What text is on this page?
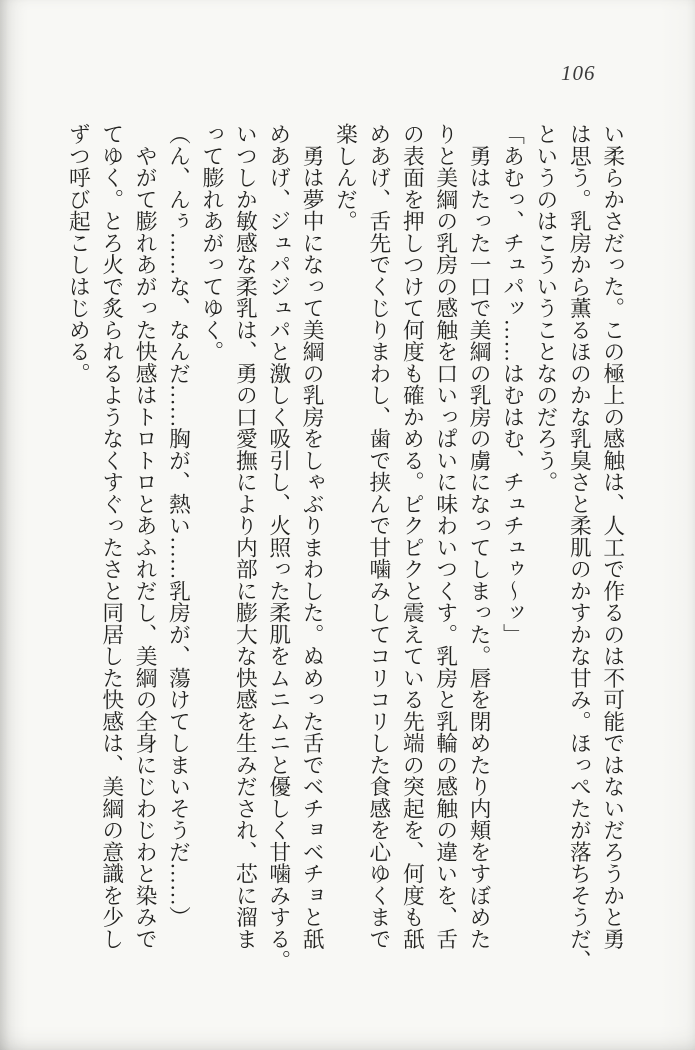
106
い柔らかさだった。この極上の感触は、人工で作るのは不可能ではないだろうかと勇
は思う。乳房から薫るほのかな乳臭さと柔肌のかすかな甘み。ほっぺたが落ちそうだ、
というのはこういうことなのだろう。
「あむっ、チュパッ……はむはむ、チュチュゥ～ッ」
　勇はたった一口で美綱の乳房の虜になってしまった。唇を閉めたり内頬をすぼめた
りと美綱の乳房の感触を口いっぱいに味わいつくす。乳房と乳輪の感触の違いを、舌
の表面を押しつけて何度も確かめる。ピクピクと震えている先端の突起を、何度も舐
めあげ、舌先でくじりまわし、歯で挟んで甘噛みしてコリコリした食感を心ゆくまで
楽しんだ。
　勇は夢中になって美綱の乳房をしゃぶりまわした。ぬめった舌でベチョベチョと舐
めあげ、ジュパジュパと激しく吸引し、火照った柔肌をムニムニと優しく甘噛みする。
いつしか敏感な柔乳は、勇の口愛撫により内部に膨大な快感を生みだされ、芯に溜ま
って膨れあがってゆく。
（ん、んぅ……な、なんだ……胸が、熱い……乳房が、蕩けてしまいそうだ……）
　やがて膨れあがった快感はトロトロとあふれだし、美綱の全身にじわじわと染みで
てゆく。とろ火で炙られるようなくすぐったさと同居した快感は、美綱の意識を少し
ずつ呼び起こしはじめる。
